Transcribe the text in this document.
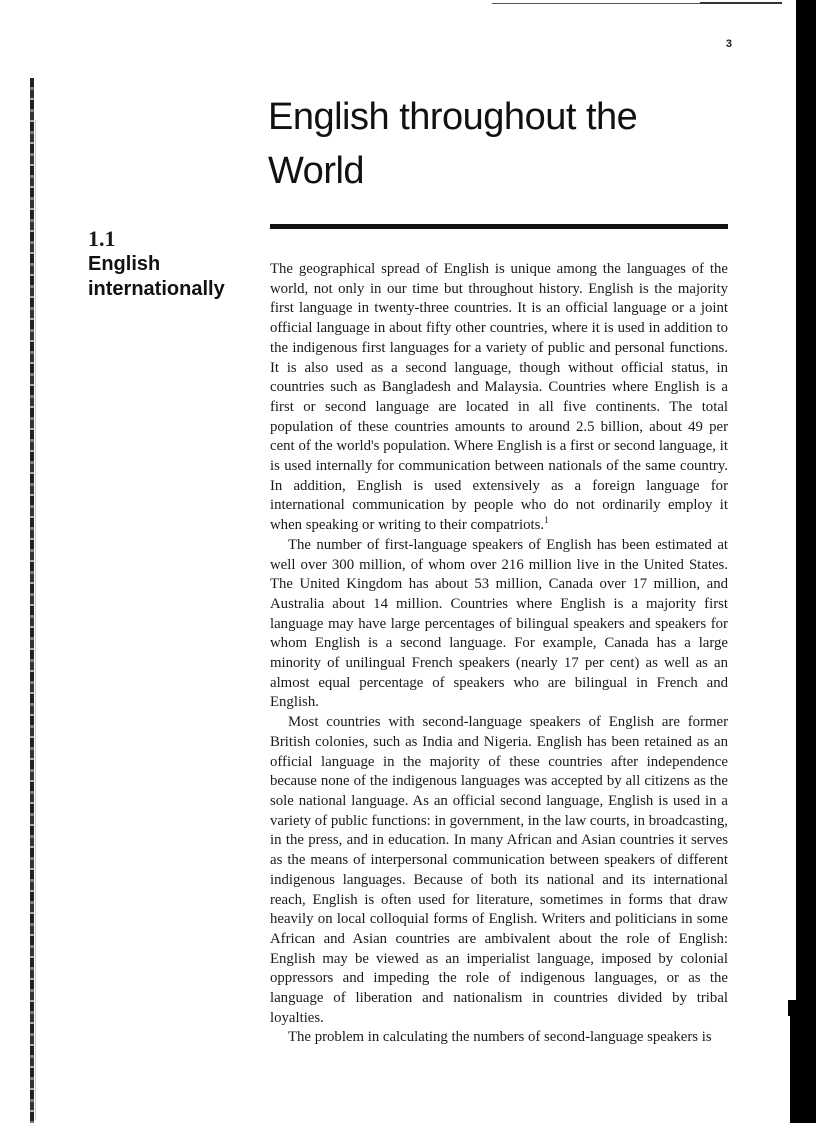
3
English throughout the World
1.1
English internationally

The geographical spread of English is unique among the languages of the world, not only in our time but throughout history. English is the majority first language in twenty-three countries. It is an official language or a joint official language in about fifty other countries, where it is used in addition to the indigenous first languages for a variety of public and personal functions. It is also used as a second language, though without official status, in countries such as Bangladesh and Malaysia. Countries where English is a first or second language are located in all five continents. The total population of these countries amounts to around 2.5 billion, about 49 per cent of the world's population. Where English is a first or second language, it is used internally for communication between nationals of the same country. In addition, English is used extensively as a foreign language for international communication by people who do not ordinarily employ it when speaking or writing to their compatriots.$^1$

The number of first-language speakers of English has been estimated at well over 300 million, of whom over 216 million live in the United States. The United Kingdom has about 53 million, Canada over 17 million, and Australia about 14 million. Countries where English is a majority first language may have large percentages of bilingual speakers and speakers for whom English is a second language. For example, Canada has a large minority of unilingual French speakers (nearly 17 per cent) as well as an almost equal percentage of speakers who are bilingual in French and English.

Most countries with second-language speakers of English are former British colonies, such as India and Nigeria. English has been retained as an official language in the majority of these countries after independence because none of the indigenous languages was accepted by all citizens as the sole national language. As an official second language, English is used in a variety of public functions: in government, in the law courts, in broadcasting, in the press, and in education. In many African and Asian countries it serves as the means of interpersonal communication between speakers of different indigenous languages. Because of both its national and its international reach, English is often used for literature, sometimes in forms that draw heavily on local colloquial forms of English. Writers and politicians in some African and Asian countries are ambivalent about the role of English: English may be viewed as an imperialist language, imposed by colonial oppressors and impeding the role of indigenous languages, or as the language of liberation and nationalism in countries divided by tribal loyalties.

The problem in calculating the numbers of second-language speakers is
